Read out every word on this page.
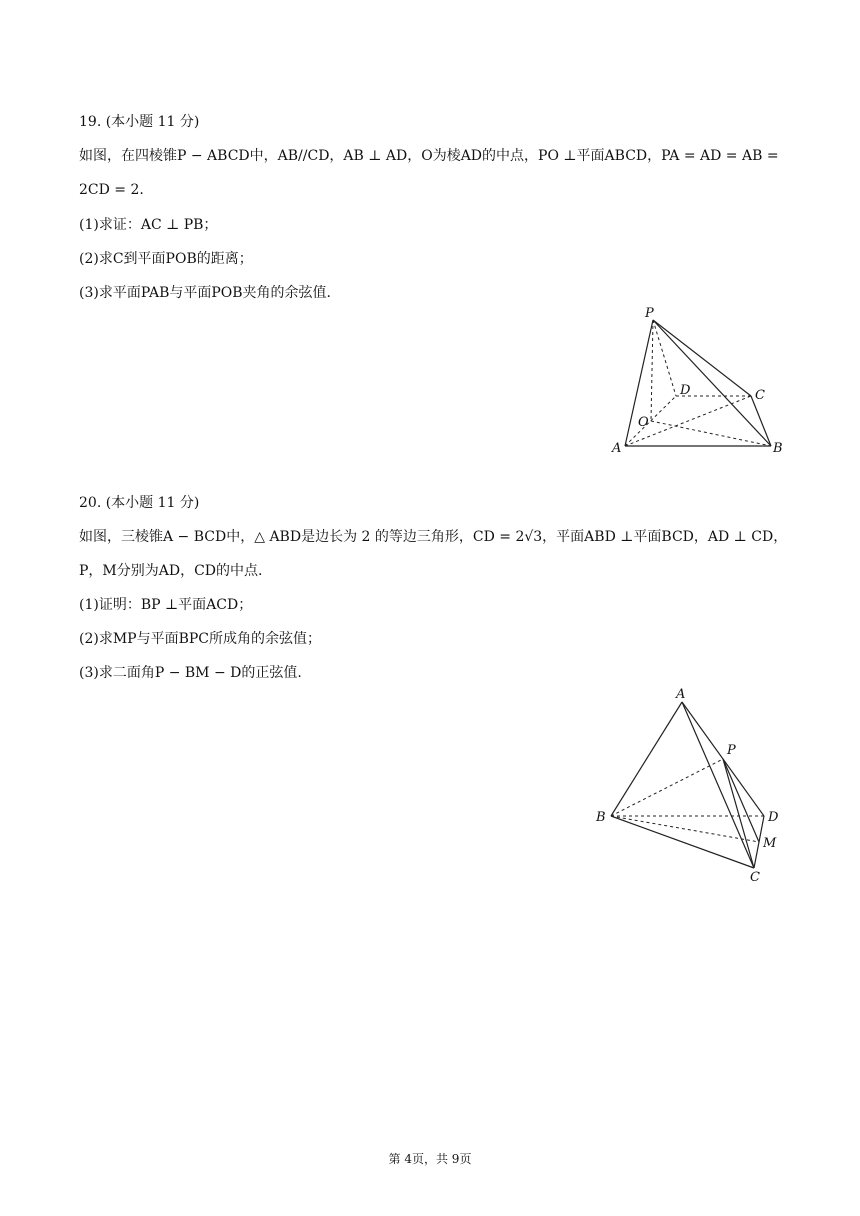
19. (本小题 11 分)
如图，在四棱锥P − ABCD中，AB//CD，AB ⊥ AD，O为棱AD的中点，PO ⊥平面ABCD，PA = AD = AB =
2CD = 2.
(1)求证：AC ⊥ PB；
(2)求C到平面POB的距离；
(3)求平面PAB与平面POB夹角的余弦值.
P
D	C
O
A	B
20. (本小题 11 分)
如图，三棱锥A − BCD中，△ ABD是边长为 2 的等边三角形，CD = 2√3，平面ABD ⊥平面BCD，AD ⊥ CD，
P，M分别为AD，CD的中点.
(1)证明：BP ⊥平面ACD；
(2)求MP与平面BPC所成角的余弦值；
(3)求二面角P − BM − D的正弦值.
A
P
B	D
M
C
第 4页，共 9页
